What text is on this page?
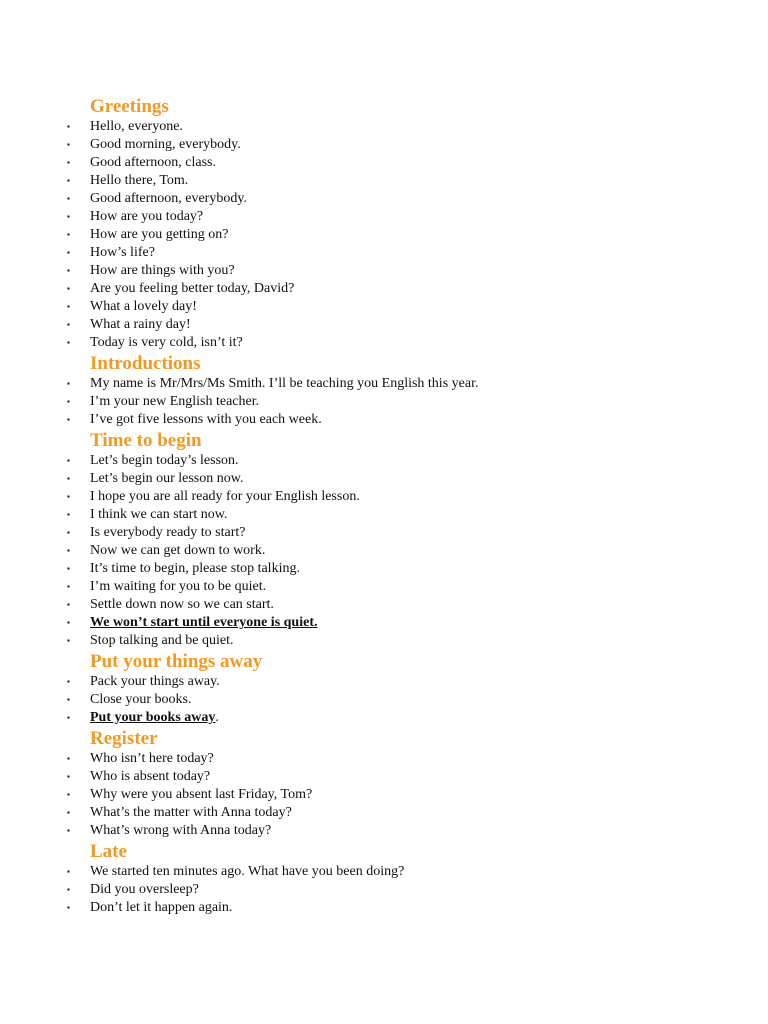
Greetings
▪	Hello, everyone.
▪	Good morning, everybody.
▪	Good afternoon, class.
▪	Hello there, Tom.
▪	Good afternoon, everybody.
▪	How are you today?
▪	How are you getting on?
▪	How’s life?
▪	How are things with you?
▪	Are you feeling better today, David?
▪	What a lovely day!
▪	What a rainy day!
▪	Today is very cold, isn’t it?
Introductions
▪	My name is Mr/Mrs/Ms Smith. I’ll be teaching you English this year.
▪	I’m your new English teacher.
▪	I’ve got five lessons with you each week.
Time to begin
▪	Let’s begin today’s lesson.
▪	Let’s begin our lesson now.
▪	I hope you are all ready for your English lesson.
▪	I think we can start now.
▪	Is everybody ready to start?
▪	Now we can get down to work.
▪	It’s time to begin, please stop talking.
▪	I’m waiting for you to be quiet.
▪	Settle down now so we can start.
▪	We won’t start until everyone is quiet.
▪	Stop talking and be quiet.
Put your things away
▪	Pack your things away.
▪	Close your books.
▪	Put your books away.
Register
▪	Who isn’t here today?
▪	Who is absent today?
▪	Why were you absent last Friday, Tom?
▪	What’s the matter with Anna today?
▪	What’s wrong with Anna today?
Late
▪	We started ten minutes ago. What have you been doing?
▪	Did you oversleep?
▪	Don’t let it happen again.
